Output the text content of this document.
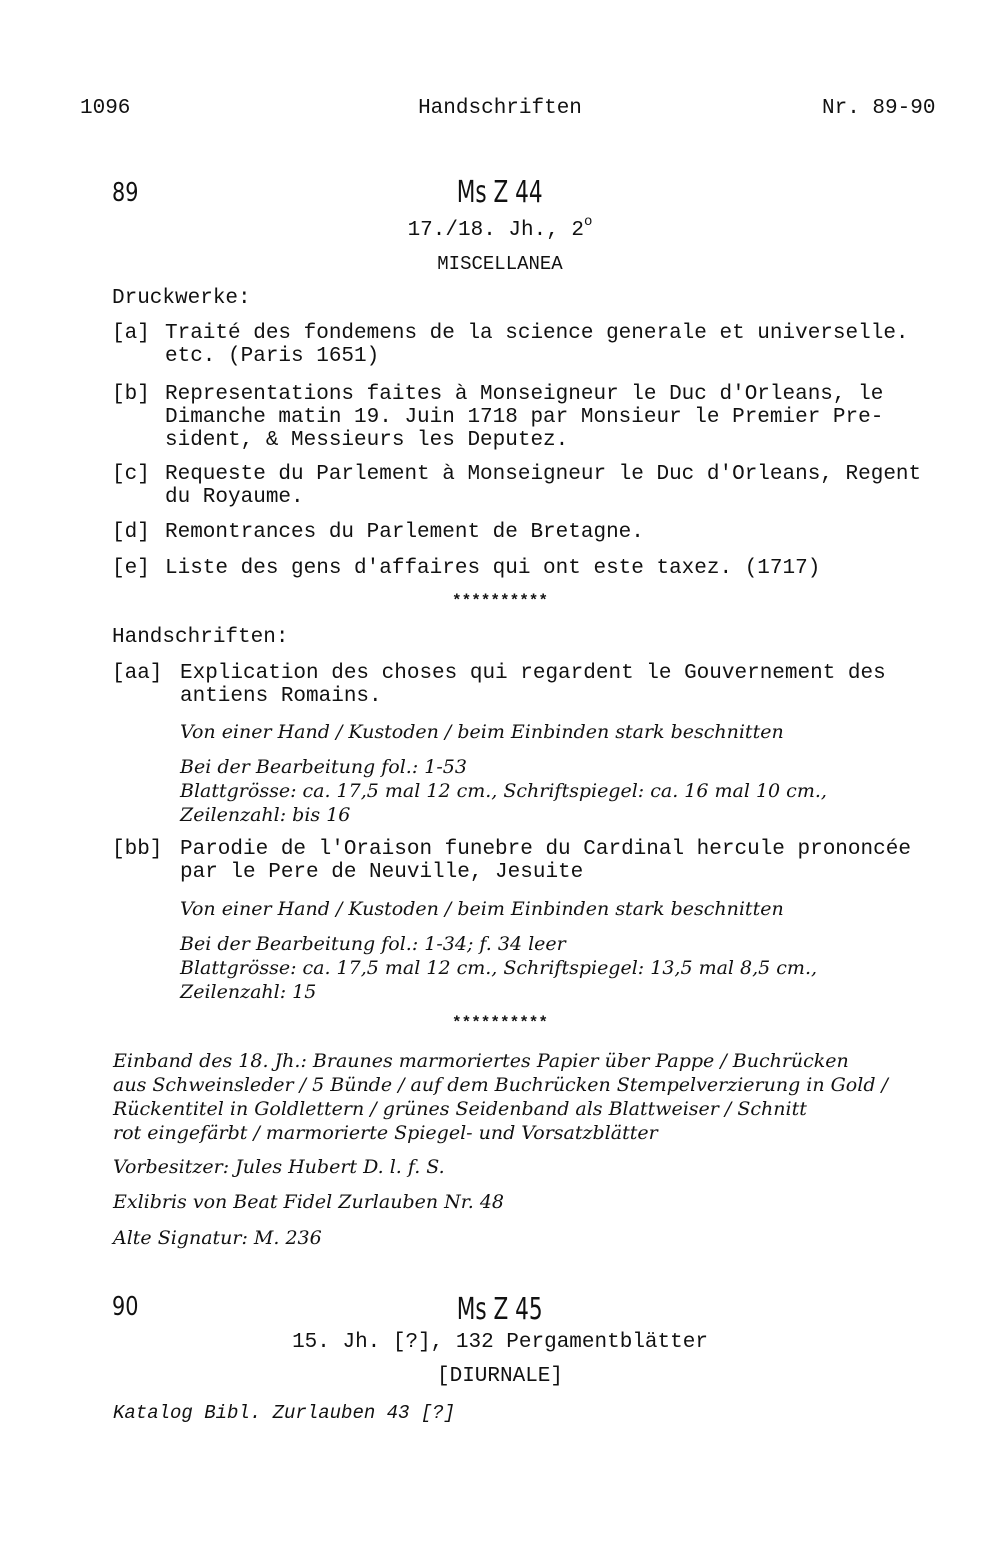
1096	Handschriften	Nr. 89-90
89	Ms Z 44
17./18. Jh., 2$^o$
MISCELLANEA
Druckwerke:
[a] Traité des fondemens de la science generale et universelle.
etc. (Paris 1651)
[b] Representations faites à Monseigneur le Duc d'Orleans, le
Dimanche matin 19. Juin 1718 par Monsieur le Premier Pre-
sident, & Messieurs les Deputez.
[c] Requeste du Parlement à Monseigneur le Duc d'Orleans, Regent
du Royaume.
[d] Remontrances du Parlement de Bretagne.
[e] Liste des gens d'affaires qui ont este taxez. (1717)
**********
Handschriften:
[aa] Explication des choses qui regardent le Gouvernement des
antiens Romains.
Von einer Hand / Kustoden / beim Einbinden stark beschnitten
Bei der Bearbeitung fol.: 1-53
Blattgrösse: ca. 17,5 mal 12 cm., Schriftspiegel: ca. 16 mal 10 cm.,
Zeilenzahl: bis 16
[bb] Parodie de l'Oraison funebre du Cardinal hercule prononcée
par le Pere de Neuville, Jesuite
Von einer Hand / Kustoden / beim Einbinden stark beschnitten
Bei der Bearbeitung fol.: 1-34; f. 34 leer
Blattgrösse: ca. 17,5 mal 12 cm., Schriftspiegel: 13,5 mal 8,5 cm.,
Zeilenzahl: 15
**********
Einband des 18. Jh.: Braunes marmoriertes Papier über Pappe / Buchrücken
aus Schweinsleder / 5 Bünde / auf dem Buchrücken Stempelverzierung in Gold /
Rückentitel in Goldlettern / grünes Seidenband als Blattweiser / Schnitt
rot eingefärbt / marmorierte Spiegel- und Vorsatzblätter
Vorbesitzer: Jules Hubert D. l. f. S.
Exlibris von Beat Fidel Zurlauben Nr. 48
Alte Signatur: M. 236
90	Ms Z 45
15. Jh. [?], 132 Pergamentblätter
[DIURNALE]
Katalog Bibl. Zurlauben 43 [?]
